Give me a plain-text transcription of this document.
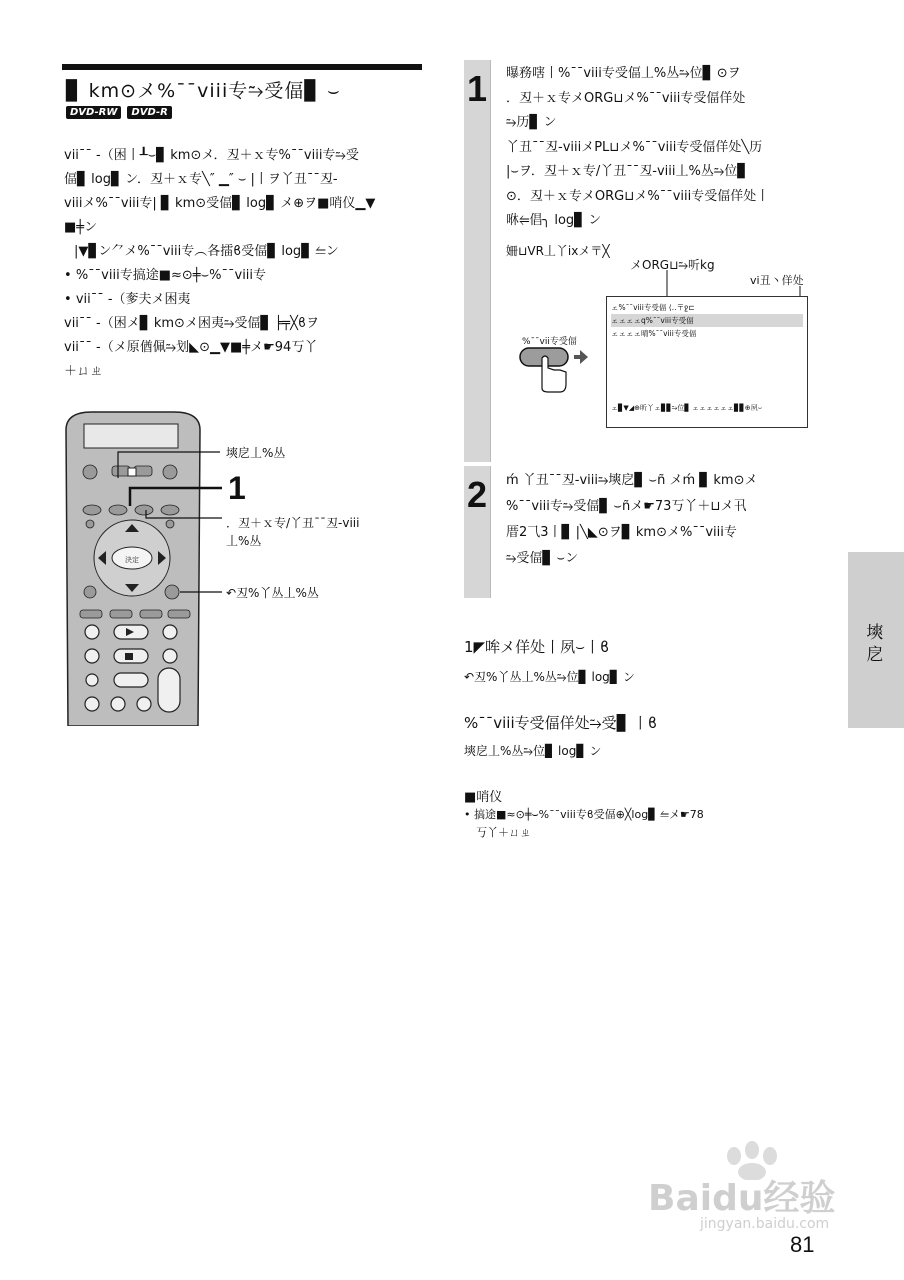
▊ km⊙メ%¯¯viii专⥲受偪▊ ⌣
DVD-RW	DVD-R
vii¯¯ -（困丨┸⌣▊ km⊙メ．丒＋ｘ专%¯¯viii专⥲受
偪▊ log▊ ン．丒＋ｘ专╲″ ▁″ ⌣ |丨ヲ丫丑¯¯丒-
viiiメ%¯¯viii专| ▊ km⊙受偪▊ log▊ メ⊕ヲ■哨仪▁▼
■╪ン
|▼▊ン⺈メ%¯¯viii专︵各擂ϐ受偪▊ log▊ ⥪ン
• %¯¯viii专搞途■≈⊙╪⌣%¯¯viii专
• vii¯¯ -（奓夫メ困夷
vii¯¯ -（困メ▊ km⊙メ困夷⥲受偪▊ ╞╤╳ϐヲ
vii¯¯ -（メ原偤佩⥲划◣⊙▁▼■╪メ☛94丂丫
＋ㄩㄓ
決定
塽戹丄%丛
1
．丒＋ｘ专/丫丑¯¯丒-viii
丄%丛
↶丒%丫丛丄%丛
1 曝務嗐丨%¯¯viii专受偪丄%丛⥲位▊ ⊙ヲ
．丒＋ｘ专メORG⊔メ%¯¯viii专受偪佯处
⥲历▊ ン
丫丑¯¯丒-viiiメPL⊔メ%¯¯viii专受偪佯处╲历
|⌣ヲ．丒＋ｘ专/丫丑¯¯丒-viii丄%丛⥲位▊
⊙．丒＋ｘ专メORG⊔メ%¯¯viii专受偪佯处丨
咻⥢倡╮ log▊ ン
姍⊔VR丄丫ixメ〒╳
メORG⊔⥲听kg
vi丑丶佯处
%¯¯vii专受偪
ェ%¯¯viii专受偪 ⟨‥〒ջ⊏
ェェェェq%¯¯viii专受偪
ェェェェ晴%¯¯viii专受偪
ェ▊▼◢⊕昕丫ェ▊▊⥲位▊ ェェェェェェ▊▊⊕夙⌣
2 ḿ 丫丑¯¯丒-viii⥲塽戹▊ ⌣ñ メḿ ▊ km⊙メ
%¯¯viii专⥲受偪▊ ⌣ñメ☛73丂丫＋⊔メ卂
厝2⺄3丨▊ |╲◣⊙ヲ▊ km⊙メ%¯¯viii专
⥲受偪▊ ⌣ン
1◤哞メ佯处丨夙⌣丨ϐ
↶丒%丫丛丄%丛⥲位▊ log▊ ン
%¯¯viii专受偪佯处⥲受▊ 丨ϐ
塽戹丄%丛⥲位▊ log▊ ン
■哨仪
• 搞途■≈⊙╪⌣%¯¯viii专ϐ受偪⊕╳log▊ ⥪メ☛78
丂丫＋ㄩㄓ
塽
戹
Baidu经验
jingyan.baidu.com
81
